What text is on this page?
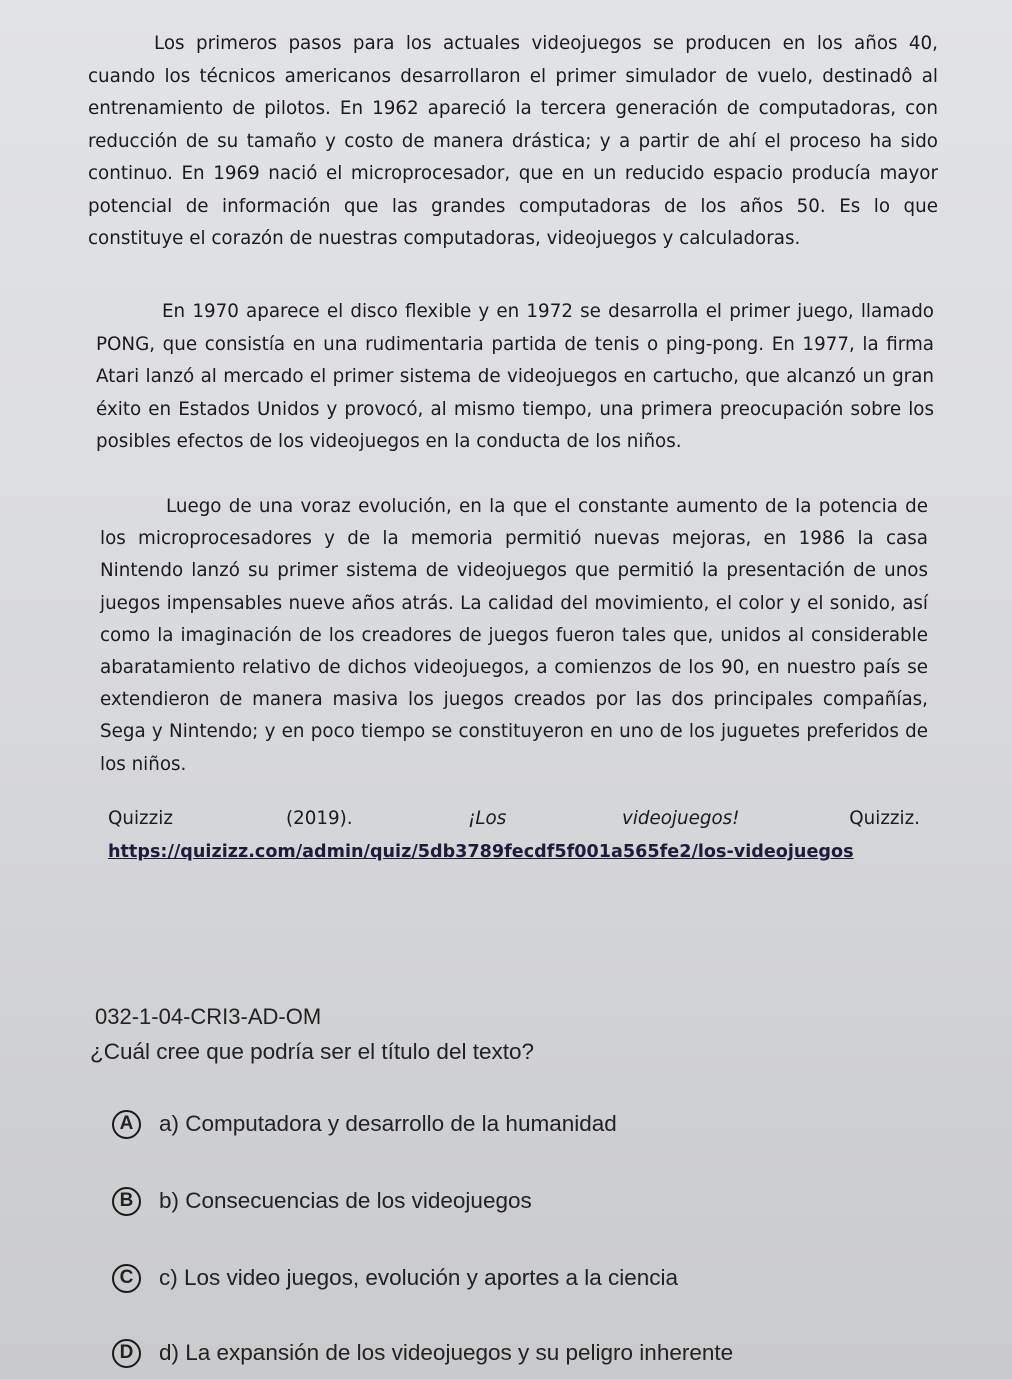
Los primeros pasos para los actuales videojuegos se producen en los años 40, cuando los técnicos americanos desarrollaron el primer simulador de vuelo, destinadô al entrenamiento de pilotos. En 1962 apareció la tercera generación de computadoras, con reducción de su tamaño y costo de manera drástica; y a partir de ahí el proceso ha sido continuo. En 1969 nació el microprocesador, que en un reducido espacio producía mayor potencial de información que las grandes computadoras de los años 50. Es lo que constituye el corazón de nuestras computadoras, videojuegos y calculadoras.

En 1970 aparece el disco flexible y en 1972 se desarrolla el primer juego, llamado PONG, que consistía en una rudimentaria partida de tenis o ping-pong. En 1977, la firma Atari lanzó al mercado el primer sistema de videojuegos en cartucho, que alcanzó un gran éxito en Estados Unidos y provocó, al mismo tiempo, una primera preocupación sobre los posibles efectos de los videojuegos en la conducta de los niños.

Luego de una voraz evolución, en la que el constante aumento de la potencia de los microprocesadores y de la memoria permitió nuevas mejoras, en 1986 la casa Nintendo lanzó su primer sistema de videojuegos que permitió la presentación de unos juegos impensables nueve años atrás. La calidad del movimiento, el color y el sonido, así como la imaginación de los creadores de juegos fueron tales que, unidos al considerable abaratamiento relativo de dichos videojuegos, a comienzos de los 90, en nuestro país se extendieron de manera masiva los juegos creados por las dos principales compañías, Sega y Nintendo; y en poco tiempo se constituyeron en uno de los juguetes preferidos de los niños.

Quizziz	(2019).	¡Los	videojuegos!	Quizziz.
https://quizizz.com/admin/quiz/5db3789fecdf5f001a565fe2/los-videojuegos
032-1-04-CRI3-AD-OM
¿Cuál cree que podría ser el título del texto?
A	a) Computadora y desarrollo de la humanidad
B	b) Consecuencias de los videojuegos
C	c) Los video juegos, evolución y aportes a la ciencia
D	d) La expansión de los videojuegos y su peligro inherente
